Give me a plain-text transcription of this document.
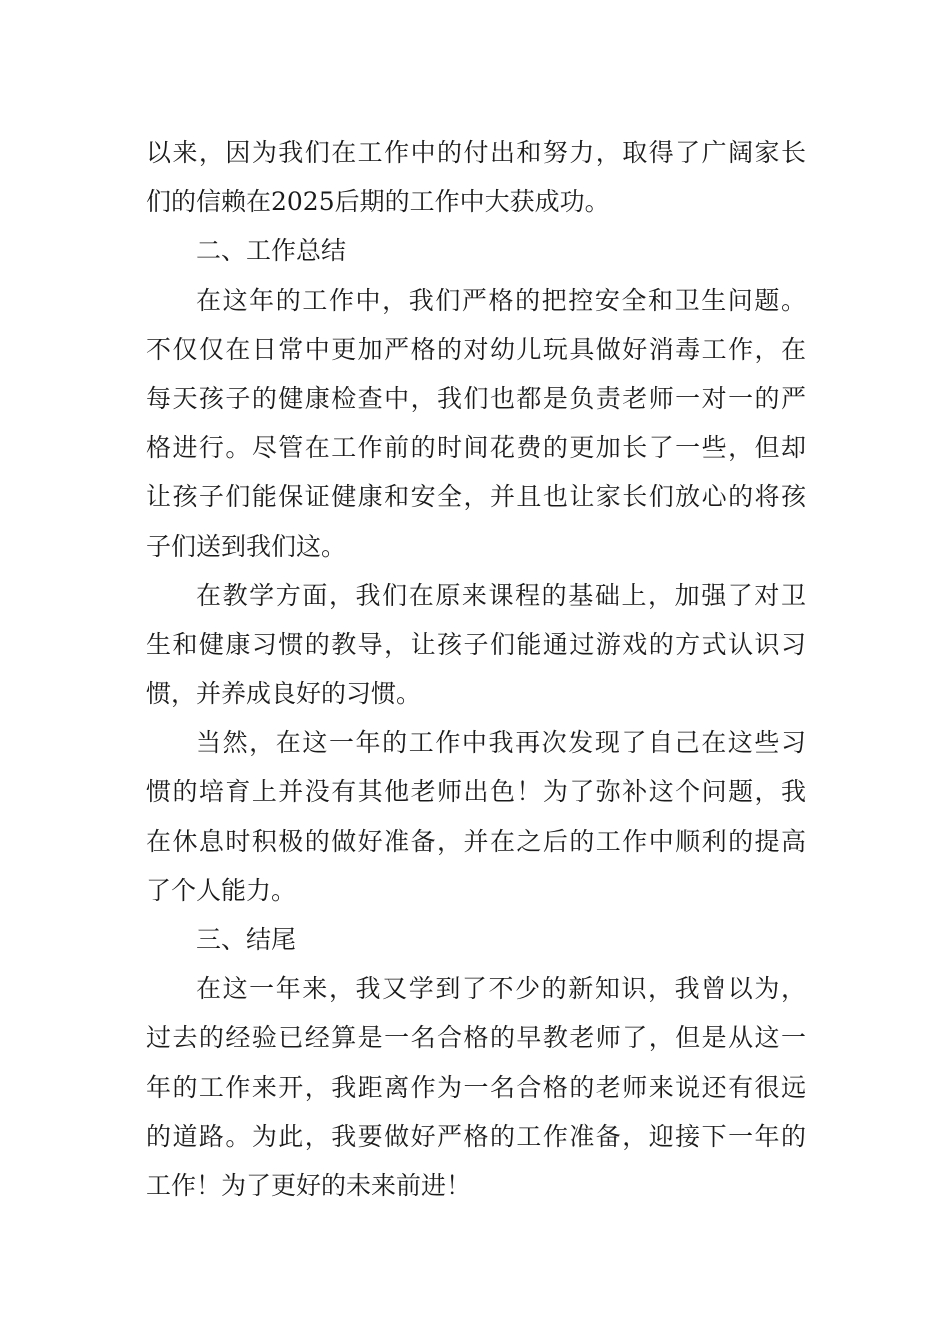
以来，因为我们在工作中的付出和努力，取得了广阔家长
们的信赖在2025后期的工作中大获成功。
二、工作总结
在这年的工作中，我们严格的把控安全和卫生问题。
不仅仅在日常中更加严格的对幼儿玩具做好消毒工作，在
每天孩子的健康检查中，我们也都是负责老师一对一的严
格进行。尽管在工作前的时间花费的更加长了一些，但却
让孩子们能保证健康和安全，并且也让家长们放心的将孩
子们送到我们这。
在教学方面，我们在原来课程的基础上，加强了对卫
生和健康习惯的教导，让孩子们能通过游戏的方式认识习
惯，并养成良好的习惯。
当然，在这一年的工作中我再次发现了自己在这些习
惯的培育上并没有其他老师出色！为了弥补这个问题，我
在休息时积极的做好准备，并在之后的工作中顺利的提高
了个人能力。
三、结尾
在这一年来，我又学到了不少的新知识，我曾以为，
过去的经验已经算是一名合格的早教老师了，但是从这一
年的工作来开，我距离作为一名合格的老师来说还有很远
的道路。为此，我要做好严格的工作准备，迎接下一年的
工作！为了更好的未来前进！
